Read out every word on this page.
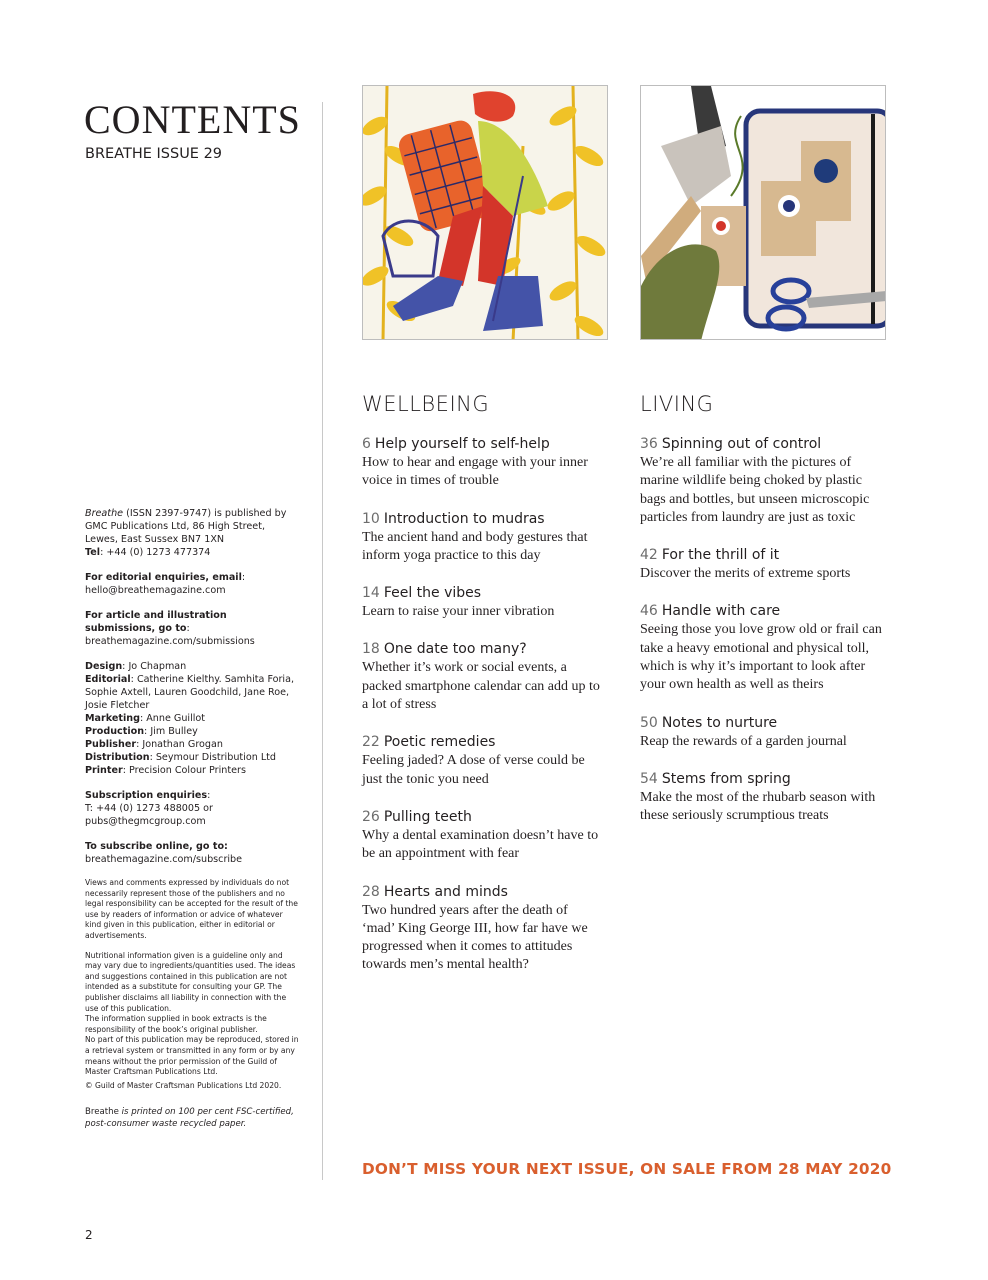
CONTENTS
BREATHE ISSUE 29

Breathe (ISSN 2397-9747) is published by GMC Publications Ltd, 86 High Street, Lewes, East Sussex BN7 1XN
Tel: +44 (0) 1273 477374

For editorial enquiries, email:
hello@breathemagazine.com

For article and illustration submissions, go to:
breathemagazine.com/submissions

Design: Jo Chapman
Editorial: Catherine Kielthy. Samhita Foria, Sophie Axtell, Lauren Goodchild, Jane Roe, Josie Fletcher
Marketing: Anne Guillot
Production: Jim Bulley
Publisher: Jonathan Grogan
Distribution: Seymour Distribution Ltd
Printer: Precision Colour Printers

Subscription enquiries:
T: +44 (0) 1273 488005 or pubs@thegmcgroup.com

To subscribe online, go to:
breathemagazine.com/subscribe

Views and comments expressed by individuals do not necessarily represent those of the publishers and no legal responsibility can be accepted for the result of the use by readers of information or advice of whatever kind given in this publication, either in editorial or advertisements.

Nutritional information given is a guideline only and may vary due to ingredients/quantities used. The ideas and suggestions contained in this publication are not intended as a substitute for consulting your GP. The publisher disclaims all liability in connection with the use of this publication.
The information supplied in book extracts is the responsibility of the book’s original publisher.
No part of this publication may be reproduced, stored in a retrieval system or transmitted in any form or by any means without the prior permission of the Guild of Master Craftsman Publications Ltd.

© Guild of Master Craftsman Publications Ltd 2020.

Breathe is printed on 100 per cent FSC-certified, post-consumer waste recycled paper.

WELLBEING	LIVING
6 Help yourself to self-help
How to hear and engage with your inner voice in times of trouble
10 Introduction to mudras
The ancient hand and body gestures that inform yoga practice to this day
14 Feel the vibes
Learn to raise your inner vibration
18 One date too many?
Whether it’s work or social events, a packed smartphone calendar can add up to a lot of stress
22 Poetic remedies
Feeling jaded? A dose of verse could be just the tonic you need
26 Pulling teeth
Why a dental examination doesn’t have to be an appointment with fear
28 Hearts and minds
Two hundred years after the death of ‘mad’ King George III, how far have we progressed when it comes to attitudes towards men’s mental health?
36 Spinning out of control
We’re all familiar with the pictures of marine wildlife being choked by plastic bags and bottles, but unseen microscopic particles from laundry are just as toxic
42 For the thrill of it
Discover the merits of extreme sports
46 Handle with care
Seeing those you love grow old or frail can take a heavy emotional and physical toll, which is why it’s important to look after your own health as well as theirs
50 Notes to nurture
Reap the rewards of a garden journal
54 Stems from spring
Make the most of the rhubarb season with these seriously scrumptious treats
DON’T MISS YOUR NEXT ISSUE, ON SALE FROM 28 MAY 2020
2
